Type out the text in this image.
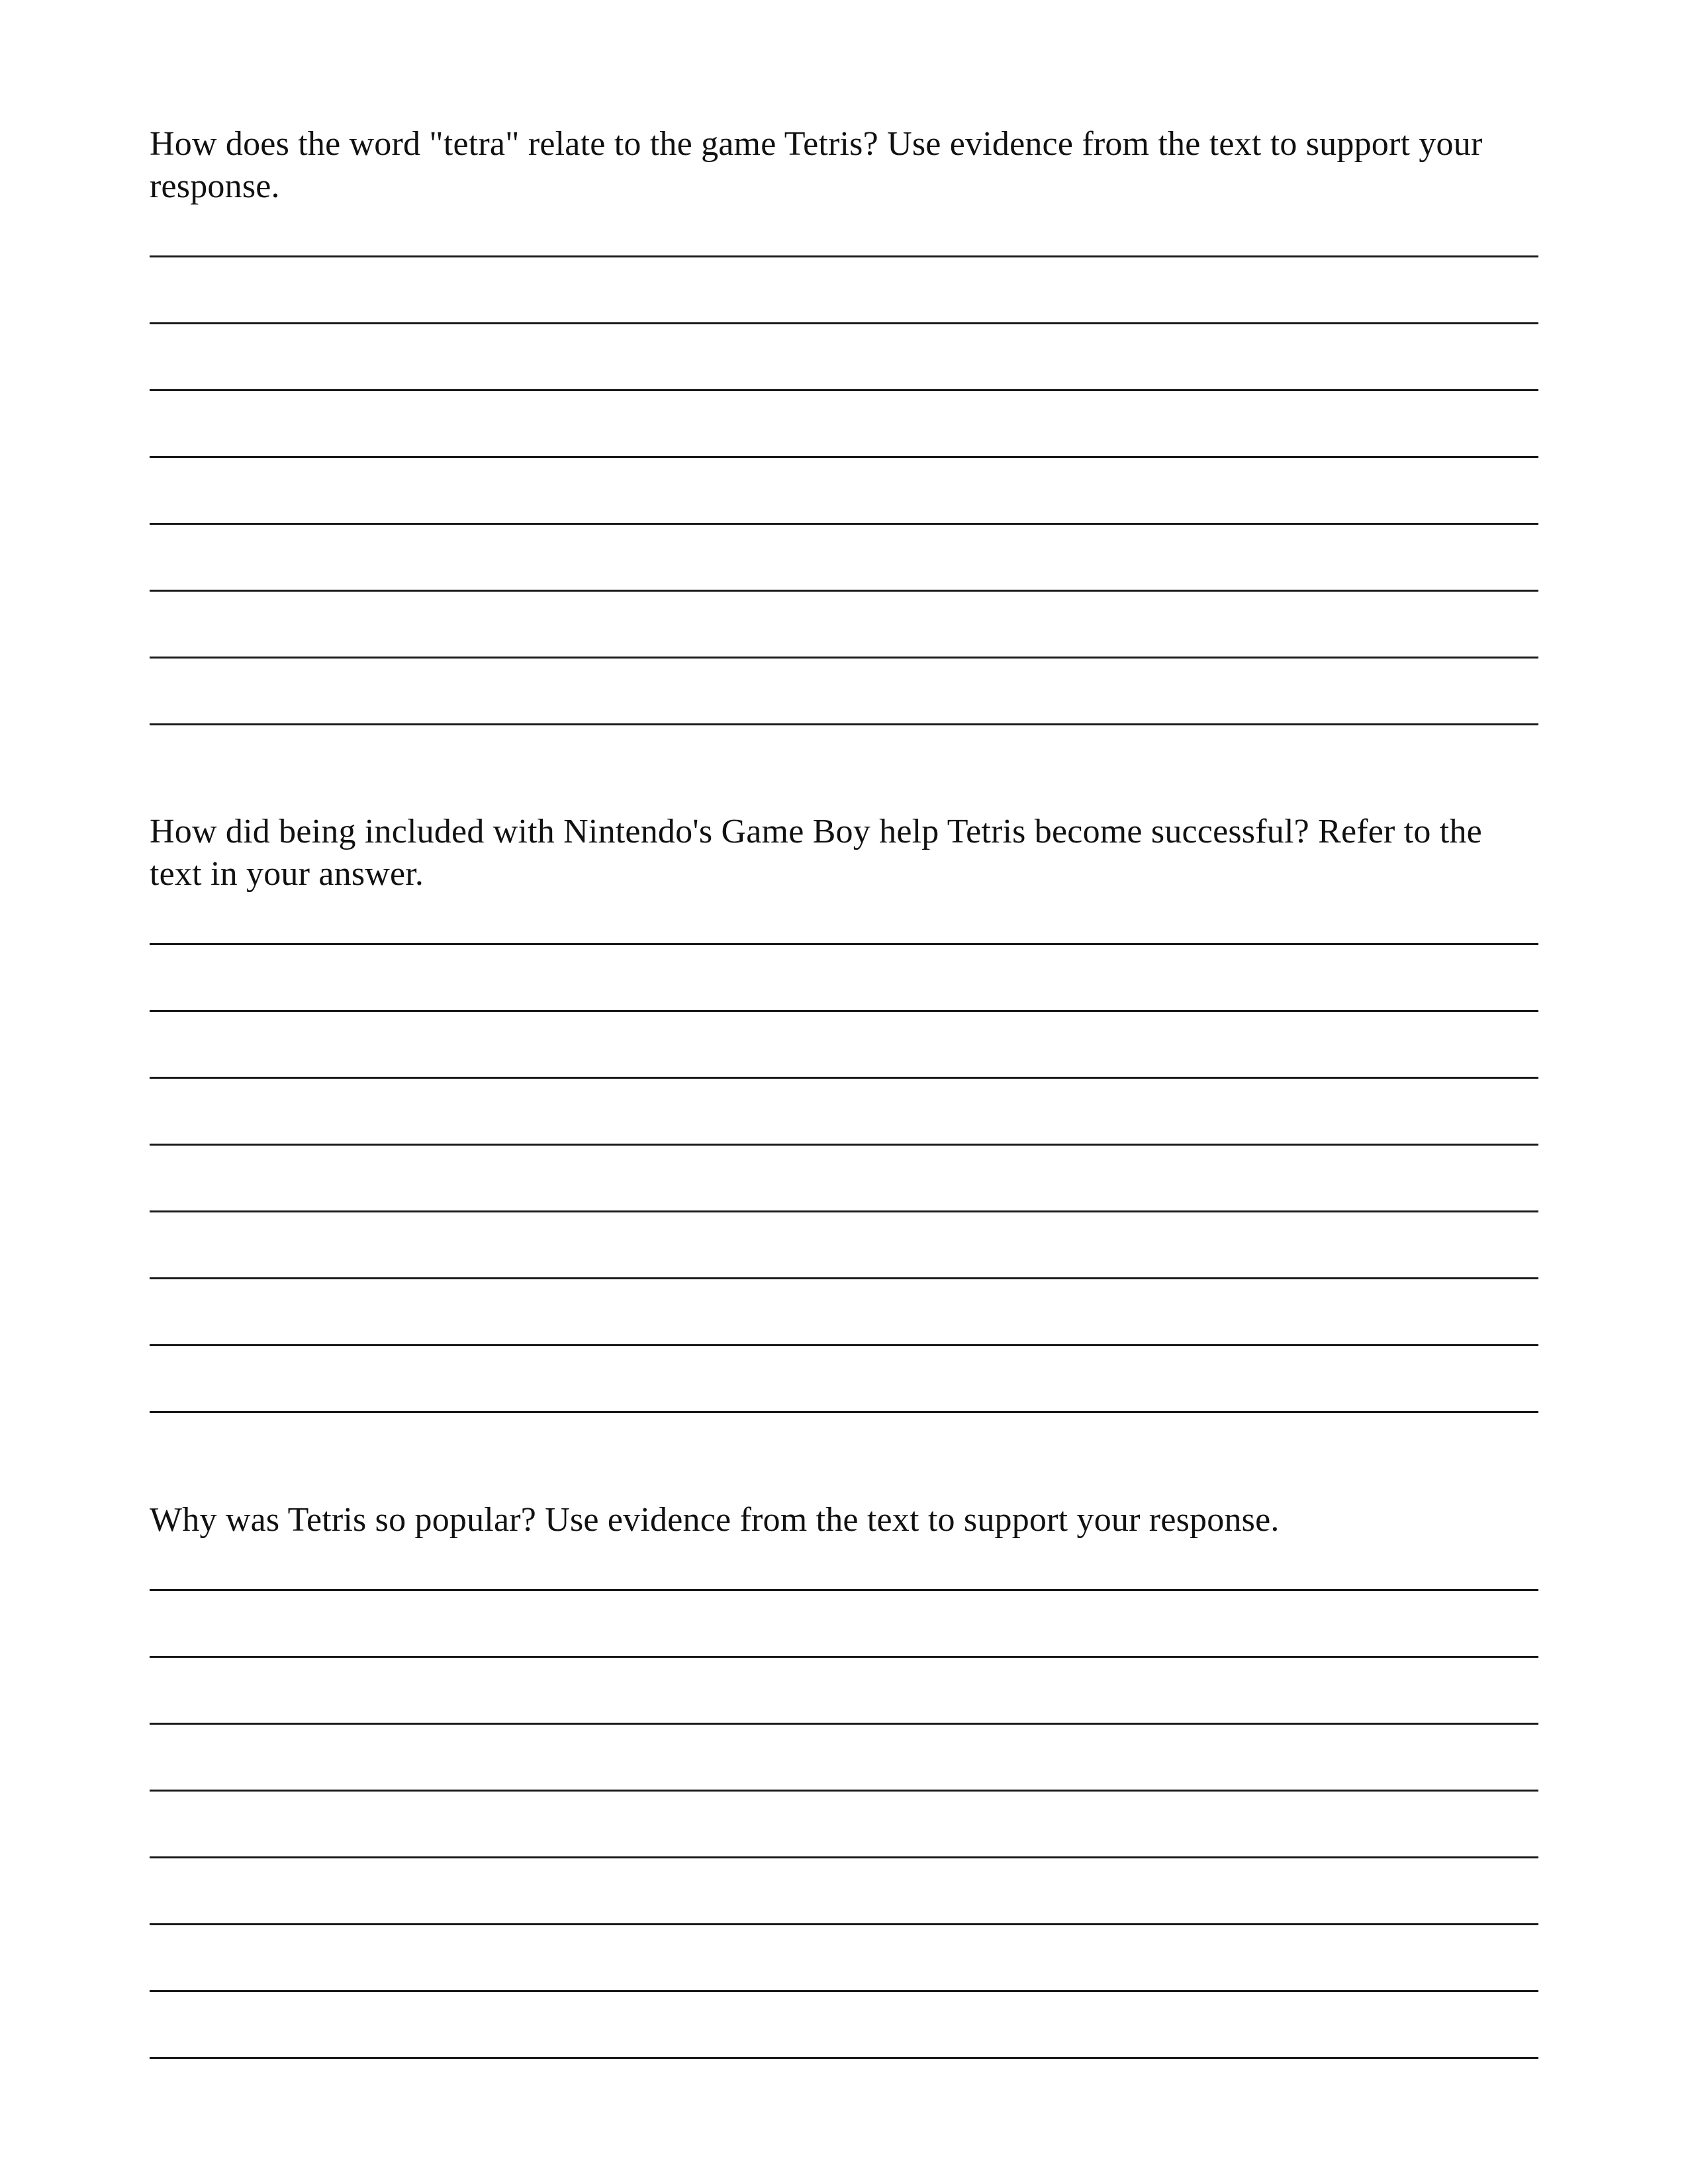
How does the word "tetra" relate to the game Tetris? Use evidence from the text to support your response.

How did being included with Nintendo's Game Boy help Tetris become successful? Refer to the text in your answer.

Why was Tetris so popular? Use evidence from the text to support your response.
